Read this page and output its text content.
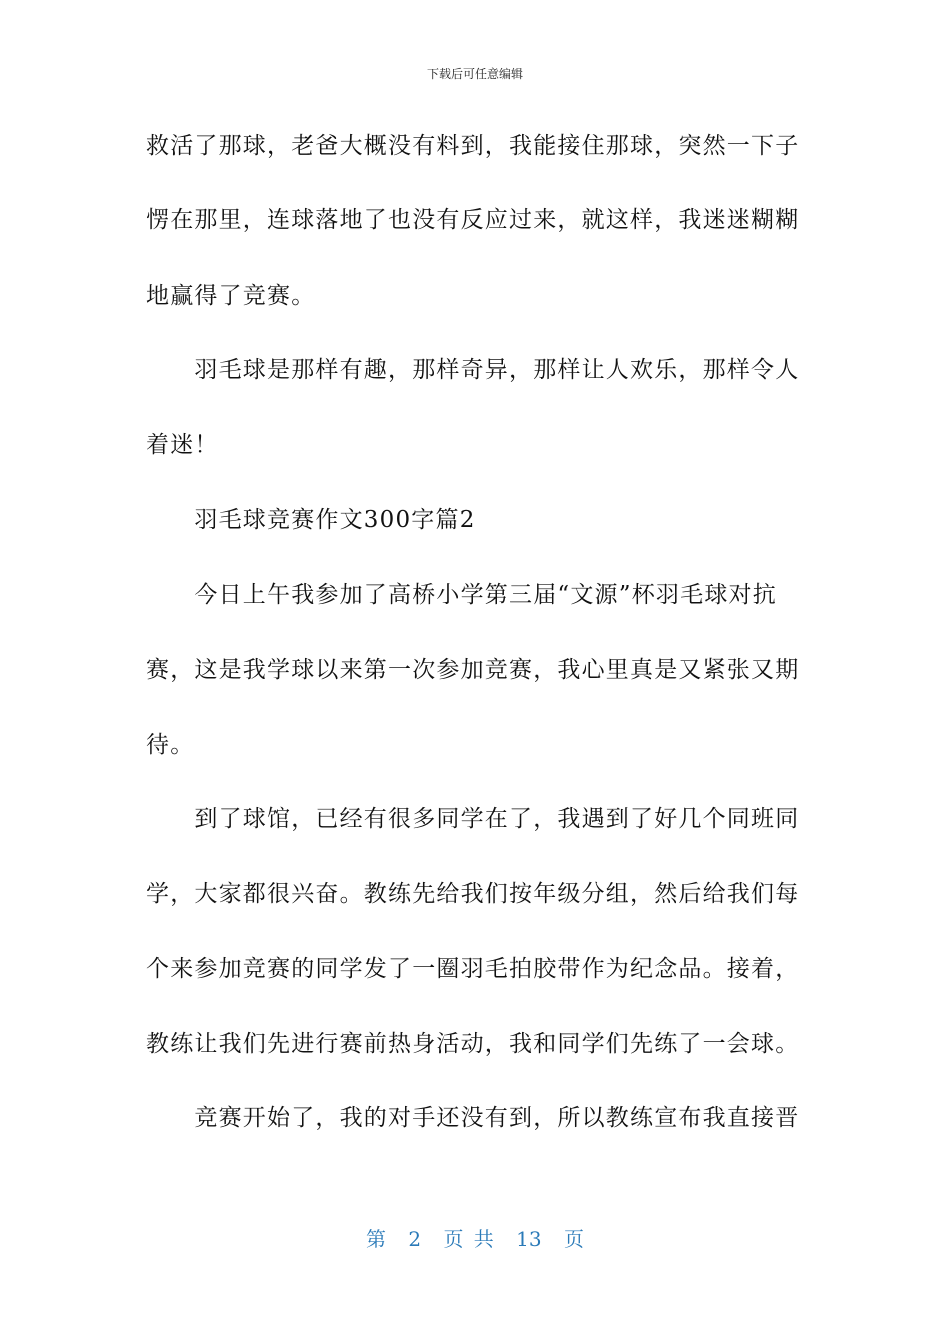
下载后可任意编辑
救活了那球，老爸大概没有料到，我能接住那球，突然一下子
愣在那里，连球落地了也没有反应过来，就这样，我迷迷糊糊
地赢得了竞赛。
　　羽毛球是那样有趣，那样奇异，那样让人欢乐，那样令人
着迷！
　　羽毛球竞赛作文300字篇2
　　今日上午我参加了高桥小学第三届“文源”杯羽毛球对抗
赛，这是我学球以来第一次参加竞赛，我心里真是又紧张又期
待。
　　到了球馆，已经有很多同学在了，我遇到了好几个同班同
学，大家都很兴奋。教练先给我们按年级分组，然后给我们每
个来参加竞赛的同学发了一圈羽毛拍胶带作为纪念品。接着，
教练让我们先进行赛前热身活动，我和同学们先练了一会球。
　　竞赛开始了，我的对手还没有到，所以教练宣布我直接晋
第 2 页 共 13 页
